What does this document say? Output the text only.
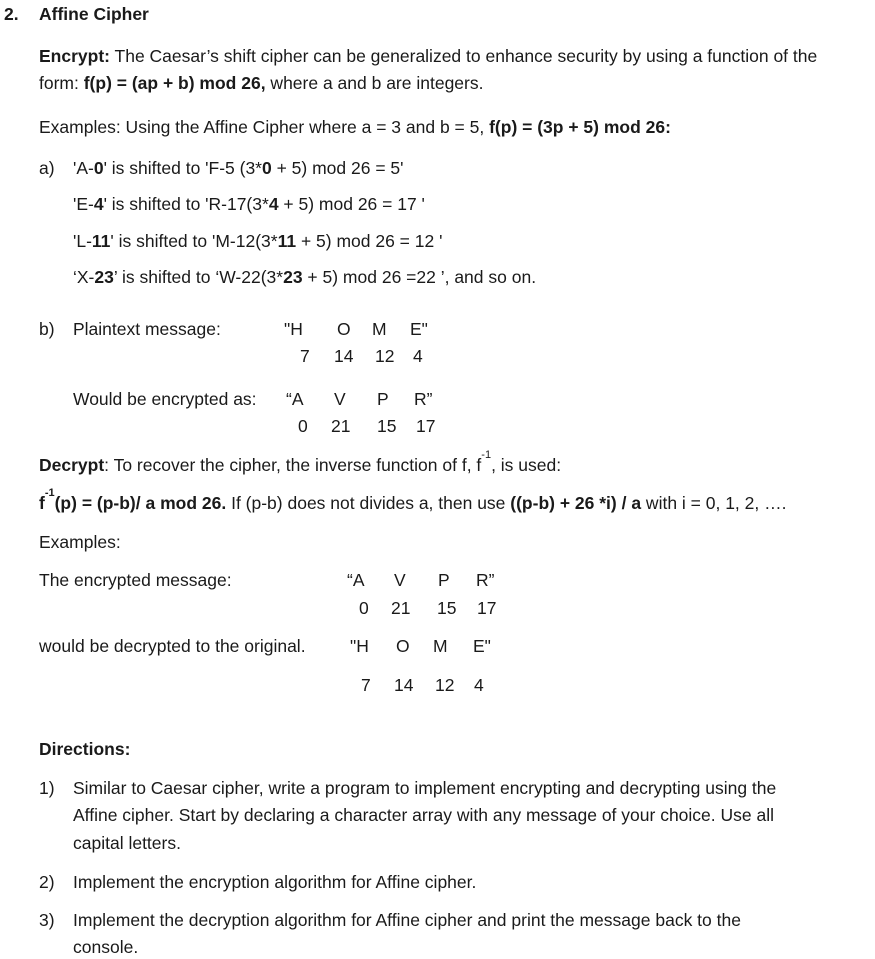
2. Affine Cipher
Encrypt: The Caesar’s shift cipher can be generalized to enhance security by using a function of the
form: f(p) = (ap + b) mod 26, where a and b are integers.
Examples: Using the Affine Cipher where a = 3 and b = 5, f(p) = (3p + 5) mod 26:
a) 'A-0' is shifted to 'F-5 (3*0 + 5) mod 26 = 5'
'E-4' is shifted to 'R-17(3*4 + 5) mod 26 = 17 '
'L-11' is shifted to 'M-12(3*11 + 5) mod 26 = 12 '
‘X-23’ is shifted to ‘W-22(3*23 + 5) mod 26 =22 ’, and so on.
b) Plaintext message:	"H O M E"
7 14 12 4
Would be encrypted as: “A V P R”
0 21 15 17
Decrypt: To recover the cipher, the inverse function of f, $f^{-1}$, is used:
$f^{-1}(p) = (p-b)/$ a mod 26. If (p-b) does not divides a, then use ((p-b) + 26 *i) / a with i = 0, 1, 2, ….
Examples:
The encrypted message:	“A V P R”
0 21 15 17
would be decrypted to the original.	"H O M E"
7 14 12 4
Directions:
1) Similar to Caesar cipher, write a program to implement encrypting and decrypting using the
Affine cipher. Start by declaring a character array with any message of your choice. Use all
capital letters.
2) Implement the encryption algorithm for Affine cipher.
3) Implement the decryption algorithm for Affine cipher and print the message back to the
console.
